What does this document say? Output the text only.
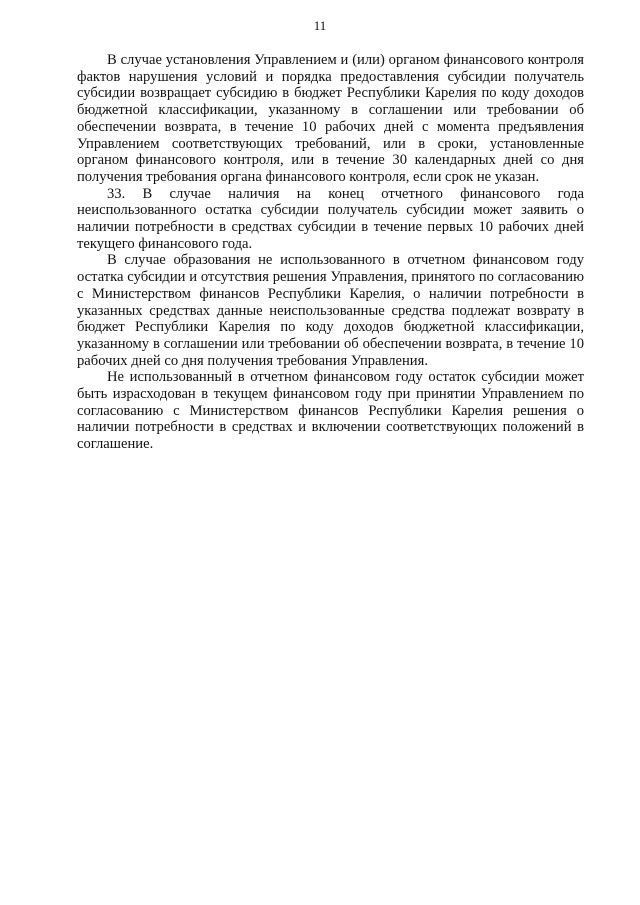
11

В случае установления Управлением и (или) органом финансового контроля фактов нарушения условий и порядка предоставления субсидии получатель субсидии возвращает субсидию в бюджет Республики Карелия по коду доходов бюджетной классификации, указанному в соглашении или требовании об обеспечении возврата, в течение 10 рабочих дней с момента предъявления Управлением соответствующих требований, или в сроки, установленные органом финансового контроля, или в течение 30 календарных дней со дня получения требования органа финансового контроля, если срок не указан.

33. В случае наличия на конец отчетного финансового года неиспользованного остатка субсидии получатель субсидии может заявить о наличии потребности в средствах субсидии в течение первых 10 рабочих дней текущего финансового года.

В случае образования не использованного в отчетном финансовом году остатка субсидии и отсутствия решения Управления, принятого по согласованию с Министерством финансов Республики Карелия, о наличии потребности в указанных средствах данные неиспользованные средства подлежат возврату в бюджет Республики Карелия по коду доходов бюджетной классификации, указанному в соглашении или требовании об обеспечении возврата, в течение 10 рабочих дней со дня получения требования Управления.

Не использованный в отчетном финансовом году остаток субсидии может быть израсходован в текущем финансовом году при принятии Управлением по согласованию с Министерством финансов Республики Карелия решения о наличии потребности в средствах и включении соответствующих положений в соглашение.
